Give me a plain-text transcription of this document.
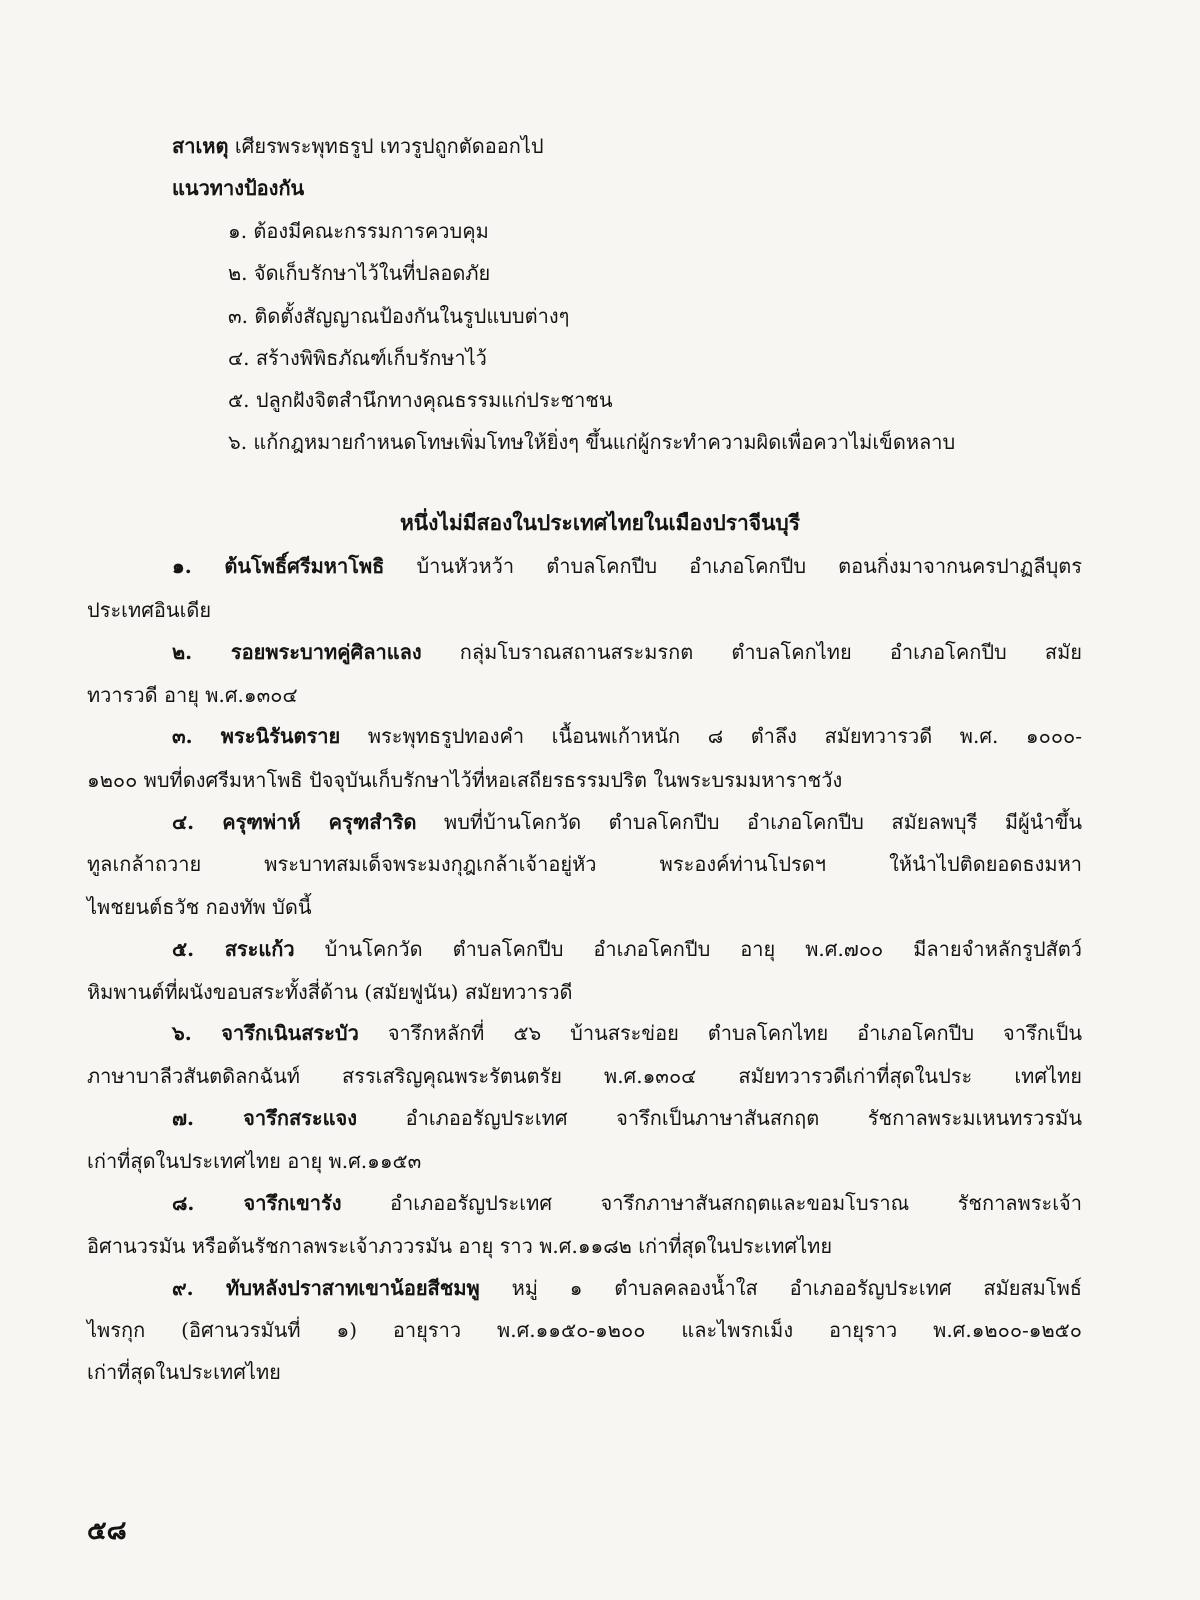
สาเหตุ เศียรพระพุทธรูป เทวรูปถูกตัดออกไป
แนวทางป้องกัน
๑. ต้องมีคณะกรรมการควบคุม
๒. จัดเก็บรักษาไว้ในที่ปลอดภัย
๓. ติดตั้งสัญญาณป้องกันในรูปแบบต่างๆ
๔. สร้างพิพิธภัณฑ์เก็บรักษาไว้
๕. ปลูกฝังจิตสำนึกทางคุณธรรมแก่ประชาชน
๖. แก้กฎหมายกำหนดโทษเพิ่มโทษให้ยิ่งๆ ขึ้นแก่ผู้กระทำความผิดเพื่อควาไม่เข็ดหลาบ
หนึ่งไม่มีสองในประเทศไทยในเมืองปราจีนบุรี
๑. ต้นโพธิ์ศรีมหาโพธิ บ้านหัวหว้า ตำบลโคกปีบ อำเภอโคกปีบ ตอนกิ่งมาจากนครปาฏลีบุตร
ประเทศอินเดีย
๒. รอยพระบาทคู่ศิลาแลง กลุ่มโบราณสถานสระมรกต ตำบลโคกไทย อำเภอโคกปีบ สมัย
ทวารวดี อายุ พ.ศ.๑๓๐๔
๓. พระนิรันตราย พระพุทธรูปทองคำ เนื้อนพเก้าหนัก ๘ ตำลึง สมัยทวารวดี พ.ศ. ๑๐๐๐-
๑๒๐๐ พบที่ดงศรีมหาโพธิ ปัจจุบันเก็บรักษาไว้ที่หอเสถียรธรรมปริต ในพระบรมมหาราชวัง
๔. ครุฑพ่าห์ ครุฑสำริด พบที่บ้านโคกวัด ตำบลโคกปีบ อำเภอโคกปีบ สมัยลพบุรี มีผู้นำขึ้น
ทูลเกล้าถวาย พระบาทสมเด็จพระมงกุฎเกล้าเจ้าอยู่หัว พระองค์ท่านโปรดฯ ให้นำไปติดยอดธงมหา
ไพชยนต์ธวัช กองทัพ บัดนี้
๕. สระแก้ว บ้านโคกวัด ตำบลโคกปีบ อำเภอโคกปีบ อายุ พ.ศ.๗๐๐ มีลายจำหลักรูปสัตว์
หิมพานต์ที่ผนังขอบสระทั้งสี่ด้าน (สมัยฟูนัน) สมัยทวารวดี
๖. จารึกเนินสระบัว จารึกหลักที่ ๕๖ บ้านสระข่อย ตำบลโคกไทย อำเภอโคกปีบ จารึกเป็น
ภาษาบาลีวสันตดิลกฉันท์ สรรเสริญคุณพระรัตนตรัย พ.ศ.๑๓๐๔ สมัยทวารวดีเก่าที่สุดในประ เทศไทย
๗. จารึกสระแจง อำเภออรัญประเทศ จารึกเป็นภาษาสันสกฤต รัชกาลพระมเหนทรวรมัน
เก่าที่สุดในประเทศไทย อายุ พ.ศ.๑๑๕๓
๘. จารึกเขารัง อำเภออรัญประเทศ จารึกภาษาสันสกฤตและขอมโบราณ รัชกาลพระเจ้า
อิศานวรมัน หรือต้นรัชกาลพระเจ้าภววรมัน อายุ ราว พ.ศ.๑๑๘๒ เก่าที่สุดในประเทศไทย
๙. ทับหลังปราสาทเขาน้อยสีชมพู หมู่ ๑ ตำบลคลองน้ำใส อำเภออรัญประเทศ สมัยสมโพธ์
ไพรกุก (อิศานวรมันที่ ๑) อายุราว พ.ศ.๑๑๕๐-๑๒๐๐ และไพรกเม็ง อายุราว พ.ศ.๑๒๐๐-๑๒๕๐
เก่าที่สุดในประเทศไทย
๕๘
